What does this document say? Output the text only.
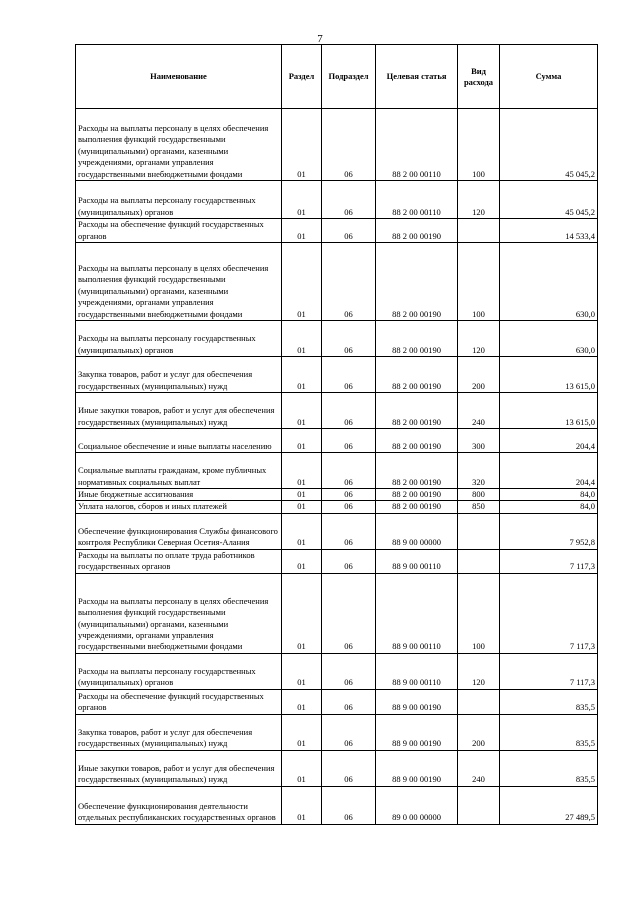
7
Наименование	Раздел	Подраздел	Целевая статья	Вид расхода	Сумма
Расходы на выплаты персоналу в целях обеспечения выполнения функций государственными (муниципальными) органами, казенными учреждениями, органами управления государственными внебюджетными фондами	01	06	88 2 00 00110	100	45 045,2
Расходы на выплаты персоналу государственных (муниципальных) органов	01	06	88 2 00 00110	120	45 045,2
Расходы на обеспечение функций государственных органов	01	06	88 2 00 00190		14 533,4
Расходы на выплаты персоналу в целях обеспечения выполнения функций государственными (муниципальными) органами, казенными учреждениями, органами управления государственными внебюджетными фондами	01	06	88 2 00 00190	100	630,0
Расходы на выплаты персоналу государственных (муниципальных) органов	01	06	88 2 00 00190	120	630,0
Закупка товаров, работ и услуг для обеспечения государственных (муниципальных) нужд	01	06	88 2 00 00190	200	13 615,0
Иные закупки товаров, работ и услуг для обеспечения государственных (муниципальных) нужд	01	06	88 2 00 00190	240	13 615,0
Социальное обеспечение и иные выплаты населению	01	06	88 2 00 00190	300	204,4
Социальные выплаты гражданам, кроме публичных нормативных социальных выплат	01	06	88 2 00 00190	320	204,4
Иные бюджетные ассигнования	01	06	88 2 00 00190	800	84,0
Уплата налогов, сборов и иных платежей	01	06	88 2 00 00190	850	84,0
Обеспечение функционирования Службы финансового контроля Республики Северная Осетия-Алания	01	06	88 9 00 00000		7 952,8
Расходы на выплаты по оплате труда работников государственных органов	01	06	88 9 00 00110		7 117,3
Расходы на выплаты персоналу в целях обеспечения выполнения функций государственными (муниципальными) органами, казенными учреждениями, органами управления государственными внебюджетными фондами	01	06	88 9 00 00110	100	7 117,3
Расходы на выплаты персоналу государственных (муниципальных) органов	01	06	88 9 00 00110	120	7 117,3
Расходы на обеспечение функций государственных органов	01	06	88 9 00 00190		835,5
Закупка товаров, работ и услуг для обеспечения государственных (муниципальных) нужд	01	06	88 9 00 00190	200	835,5
Иные закупки товаров, работ и услуг для обеспечения государственных (муниципальных) нужд	01	06	88 9 00 00190	240	835,5
Обеспечение функционирования деятельности отдельных республиканских государственных органов	01	06	89 0 00 00000		27 489,5
